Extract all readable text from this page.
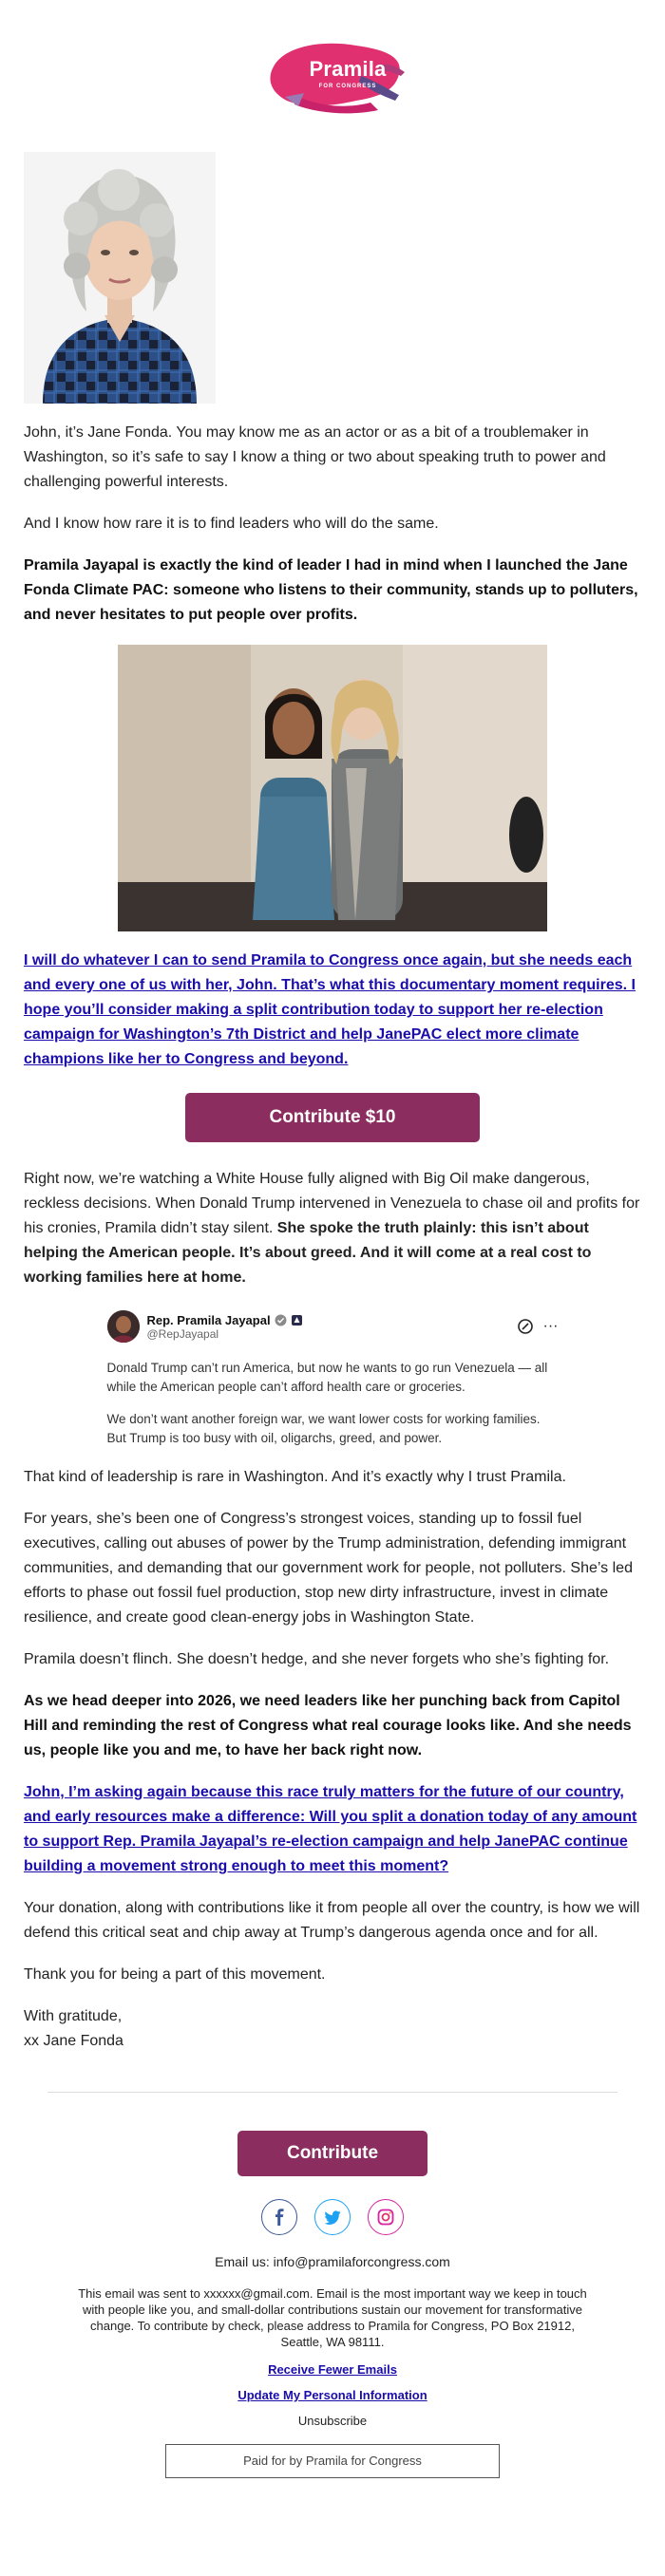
Pramila
FOR CONGRESS

John, it’s Jane Fonda. You may know me as an actor or as a bit of a troublemaker in Washington, so it’s safe to say I know a thing or two about speaking truth to power and challenging powerful interests.

And I know how rare it is to find leaders who will do the same.

Pramila Jayapal is exactly the kind of leader I had in mind when I launched the Jane Fonda Climate PAC: someone who listens to their community, stands up to polluters, and never hesitates to put people over profits.

I will do whatever I can to send Pramila to Congress once again, but she needs each and every one of us with her, John. That’s what this documentary moment requires. I hope you’ll consider making a split contribution today to support her re-election campaign for Washington’s 7th District and help JanePAC elect more climate champions like her to Congress and beyond.

Contribute $10

Right now, we’re watching a White House fully aligned with Big Oil make dangerous, reckless decisions. When Donald Trump intervened in Venezuela to chase oil and profits for his cronies, Pramila didn’t stay silent. She spoke the truth plainly: this isn’t about helping the American people. It’s about greed. And it will come at a real cost to working families here at home.

Rep. Pramila Jayapal
@RepJayapal	···
Donald Trump can’t run America, but now he wants to go run Venezuela — all while the American people can’t afford health care or groceries.
We don’t want another foreign war, we want lower costs for working families. But Trump is too busy with oil, oligarchs, greed, and power.

That kind of leadership is rare in Washington. And it’s exactly why I trust Pramila.

For years, she’s been one of Congress’s strongest voices, standing up to fossil fuel executives, calling out abuses of power by the Trump administration, defending immigrant communities, and demanding that our government work for people, not polluters. She’s led efforts to phase out fossil fuel production, stop new dirty infrastructure, invest in climate resilience, and create good clean-energy jobs in Washington State.

Pramila doesn’t flinch. She doesn’t hedge, and she never forgets who she’s fighting for.

As we head deeper into 2026, we need leaders like her punching back from Capitol Hill and reminding the rest of Congress what real courage looks like. And she needs us, people like you and me, to have her back right now.

John, I’m asking again because this race truly matters for the future of our country, and early resources make a difference: Will you split a donation today of any amount to support Rep. Pramila Jayapal’s re-election campaign and help JanePAC continue building a movement strong enough to meet this moment?

Your donation, along with contributions like it from people all over the country, is how we will defend this critical seat and chip away at Trump’s dangerous agenda once and for all.

Thank you for being a part of this movement.

With gratitude,
xx Jane Fonda

Contribute
Email us: info@pramilaforcongress.com
This email was sent to xxxxxx@gmail.com. Email is the most important way we keep in touch with people like you, and small-dollar contributions sustain our movement for transformative change. To contribute by check, please address to Pramila for Congress, PO Box 21912, Seattle, WA 98111.
Receive Fewer Emails
Update My Personal Information
Unsubscribe
Paid for by Pramila for Congress
